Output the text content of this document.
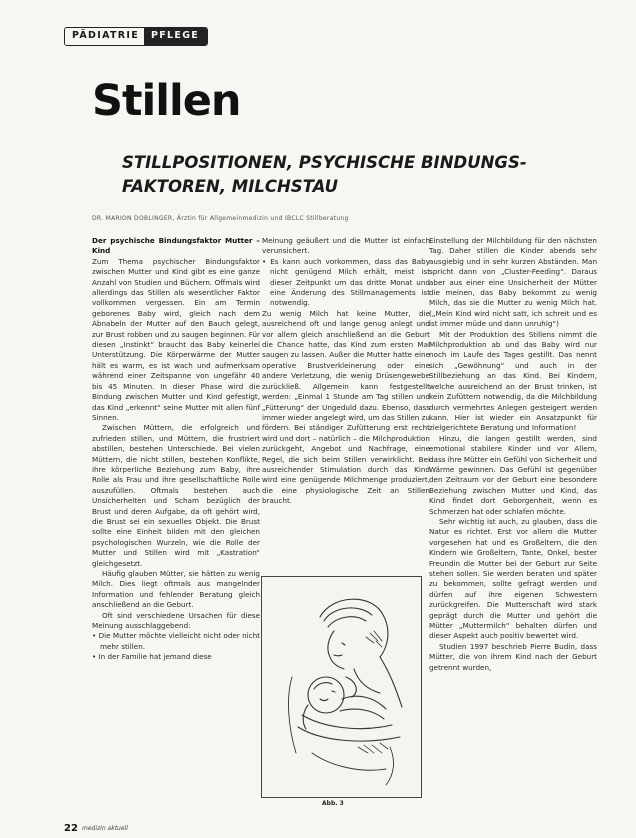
PÄDIATRIE	PFLEGE
Stillen
STILLPOSITIONEN, PSYCHISCHE BINDUNGS-FAKTOREN, MILCHSTAU
DR. MARION DOBLINGER, Ärztin für Allgemeinmedizin und IBCLC Stillberatung

Der psychische Bindungsfaktor Mutter – Kind

Zum Thema psychischer Bindungsfaktor zwischen Mutter und Kind gibt es eine ganze Anzahl von Studien und Büchern. Offmals wird allerdings das Stillen als wesentlicher Faktor vollkommen vergessen. Ein am Termin geborenes Baby wird, gleich nach dem Abnabeln der Mutter auf den Bauch gelegt, zur Brust robben und zu saugen beginnen. Für diesen „Instinkt“ braucht das Baby keinerlei Unterstützung. Die Körperwärme der Mutter hält es warm, es ist wach und aufmerksam während einer Zeitspanne von ungefähr 40 bis 45 Minuten. In dieser Phase wird die Bindung zwischen Mutter und Kind gefestigt, das Kind „erkennt“ seine Mutter mit allen fünf Sinnen.

Zwischen Müttern, die erfolgreich und zufrieden stillen, und Müttern, die frustriert abstillen, bestehen Unterschiede. Bei vielen Müttern, die nicht stillen, bestehen Konflikte, ihre körperliche Beziehung zum Baby, ihre Rolle als Frau und ihre gesellschaftliche Rolle auszufüllen. Oftmals bestehen auch Unsicherheiten und Scham bezüglich der Brust und deren Aufgabe, da oft gehört wird, die Brust sei ein sexuelles Objekt. Die Brust sollte eine Einheit bilden mit den gleichen psychologischen Wurzeln, wie die Rolle der Mutter und Stillen wird mit „Kastration“ gleichgesetzt.

Häufig glauben Mütter, sie hätten zu wenig Milch. Dies liegt oftmals aus mangelnder Information und fehlender Beratung gleich anschließend an die Geburt.

Oft sind verschiedene Ursachen für diese Meinung ausschlaggebend:

• Die Mutter möchte vielleicht nicht oder nicht mehr stillen.
• In der Familie hat jemand diese

Meinung geäußert und die Mutter ist einfach verunsichert.

• Es kann auch vorkommen, dass das Baby nicht genügend Milch erhält, meist ist dieser Zeitpunkt um das dritte Monat und eine Änderung des Stillmanagements ist notwendig.

Zu wenig Milch hat keine Mutter, die ausreichend oft und lange genug anlegt und vor allem gleich anschließend an die Geburt die Chance hatte, das Kind zum ersten Mal saugen zu lassen. Außer die Mutter hatte eine operative Brustverkleinerung oder eine andere Verletzung, die wenig Drüsengewebe zurückließ. Allgemein kann festgestellt werden: „Einmal 1 Stunde am Tag stillen und „Fütterung“ der Ungeduld dazu. Ebenso, dass immer wieder angelegt wird, um das Stillen zu fördern. Bei ständiger Zufütterung erst recht wird und dort – natürlich – die Milchproduktion zurückgeht, Angebot und Nachfrage, eine Regel, die sich beim Stillen verwirklicht. Bei ausreichender Stimulation durch das Kind wird eine genügende Milchmenge produziert, die eine physiologische Zeit an Stillen braucht.

Abb. 3

Einstellung der Milchbildung für den nächsten Tag. Daher stillen die Kinder abends sehr ausgiebig und in sehr kurzen Abständen. Man spricht dann von „Cluster-Feeding“. Daraus aber aus einer eine Unsicherheit der Mütter die meinen, das Baby bekommt zu wenig Milch, das sie die Mutter zu wenig Milch hat. („Mein Kind wird nicht satt, ich schreit und es ist immer müde und dann unruhig“)

Mit der Produktion des Stillens nimmt die Milchproduktion ab und das Baby wird nur noch im Laufe des Tages gestillt. Das nennt sich „Gewöhnung“ und auch in der Stillbeziehung an das Kind. Bei Kindern, welche ausreichend an der Brust trinken, ist kein Zufüttern notwendig, da die Milchbildung durch vermehrtes Anlegen gesteigert werden kann. Hier ist wieder ein Ansatzpunkt für zielgerichtete Beratung und Information!

Hinzu, die langen gestillt werden, sind emotional stabilere Kinder und vor Allem, dass ihre Mütter ein Gefühl von Sicherheit und Wärme gewinnen. Das Gefühl ist gegenüber den Zeitraum vor der Geburt eine besondere Beziehung zwischen Mutter und Kind, das Kind findet dort Geborgenheit, wenn es Schmerzen hat oder schlafen möchte.

Sehr wichtig ist auch, zu glauben, dass die Natur es richtet. Erst vor allem die Mutter vorgesehen hat und es Großeltern, die den Kindern wie Großeltern, Tante, Onkel, bester Freundin die Mutter bei der Geburt zur Seite stehen sollen. Sie werden beraten und später zu bekommen, sollte gefragt werden und dürfen auf ihre eigenen Schwestern zurückgreifen. Die Mutterschaft wird stark geprägt durch die Mutter und gehört die Mütter „Muttermilch“ behalten dürfen und dieser Aspekt auch positiv bewertet wird.

Studien 1997 beschrieb Pierre Budin, dass Mütter, die von ihrem Kind nach der Geburt getrennt wurden,

22 medizin aktuell
